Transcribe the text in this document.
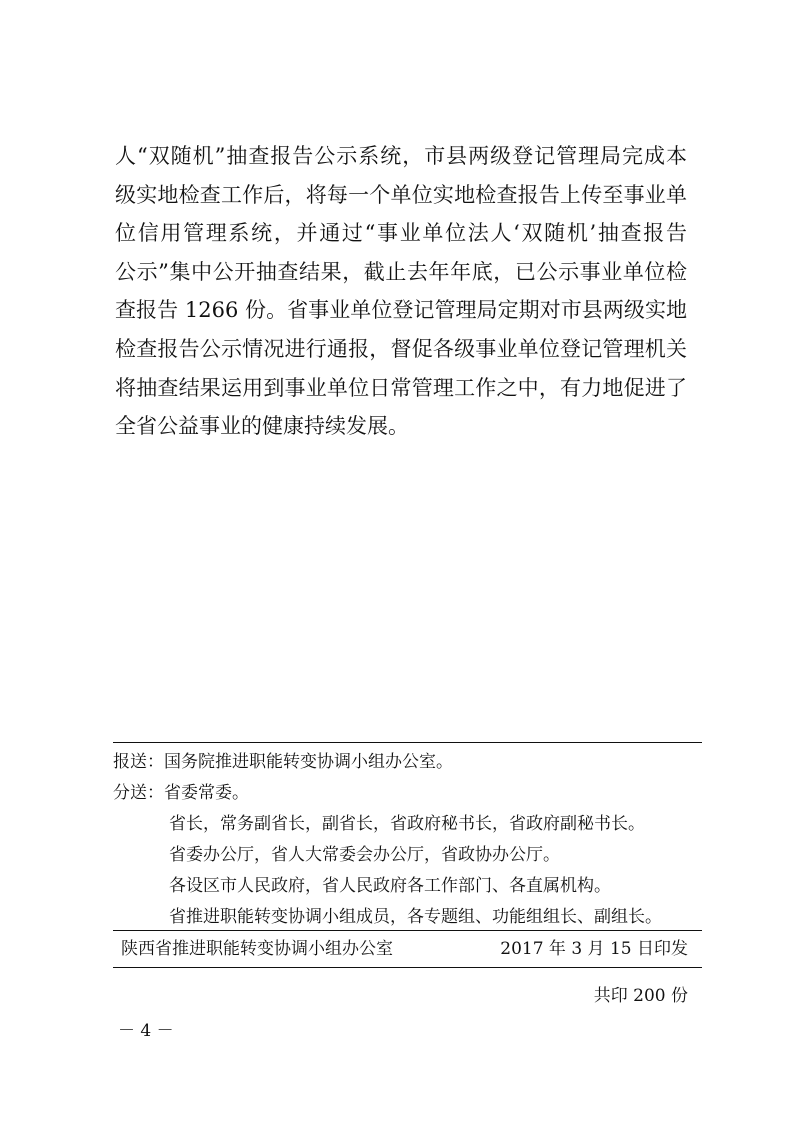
人“双随机”抽查报告公示系统，市县两级登记管理局完成本
级实地检查工作后，将每一个单位实地检查报告上传至事业单
位信用管理系统，并通过“事业单位法人‘双随机’抽查报告
公示”集中公开抽查结果，截止去年年底，已公示事业单位检
查报告 1266 份。省事业单位登记管理局定期对市县两级实地
检查报告公示情况进行通报，督促各级事业单位登记管理机关
将抽查结果运用到事业单位日常管理工作之中，有力地促进了
全省公益事业的健康持续发展。
报送：国务院推进职能转变协调小组办公室。
分送：省委常委。
省长，常务副省长，副省长，省政府秘书长，省政府副秘书长。
省委办公厅，省人大常委会办公厅，省政协办公厅。
各设区市人民政府，省人民政府各工作部门、各直属机构。
省推进职能转变协调小组成员，各专题组、功能组组长、副组长。
陕西省推进职能转变协调小组办公室	2017 年 3 月 15 日印发
共印 200 份
－ 4 －
